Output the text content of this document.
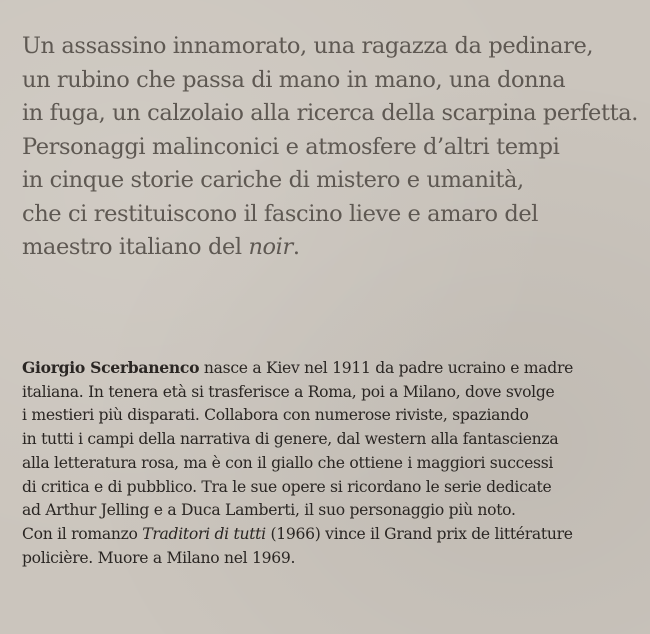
Un assassino innamorato, una ragazza da pedinare,
un rubino che passa di mano in mano, una donna
in fuga, un calzolaio alla ricerca della scarpina perfetta.
Personaggi malinconici e atmosfere d’altri tempi
in cinque storie cariche di mistero e umanità,
che ci restituiscono il fascino lieve e amaro del
maestro italiano del noir.
Giorgio Scerbanenco nasce a Kiev nel 1911 da padre ucraino e madre
italiana. In tenera età si trasferisce a Roma, poi a Milano, dove svolge
i mestieri più disparati. Collabora con numerose riviste, spaziando
in tutti i campi della narrativa di genere, dal western alla fantascienza
alla letteratura rosa, ma è con il giallo che ottiene i maggiori successi
di critica e di pubblico. Tra le sue opere si ricordano le serie dedicate
ad Arthur Jelling e a Duca Lamberti, il suo personaggio più noto.
Con il romanzo Traditori di tutti (1966) vince il Grand prix de littérature
policière. Muore a Milano nel 1969.
